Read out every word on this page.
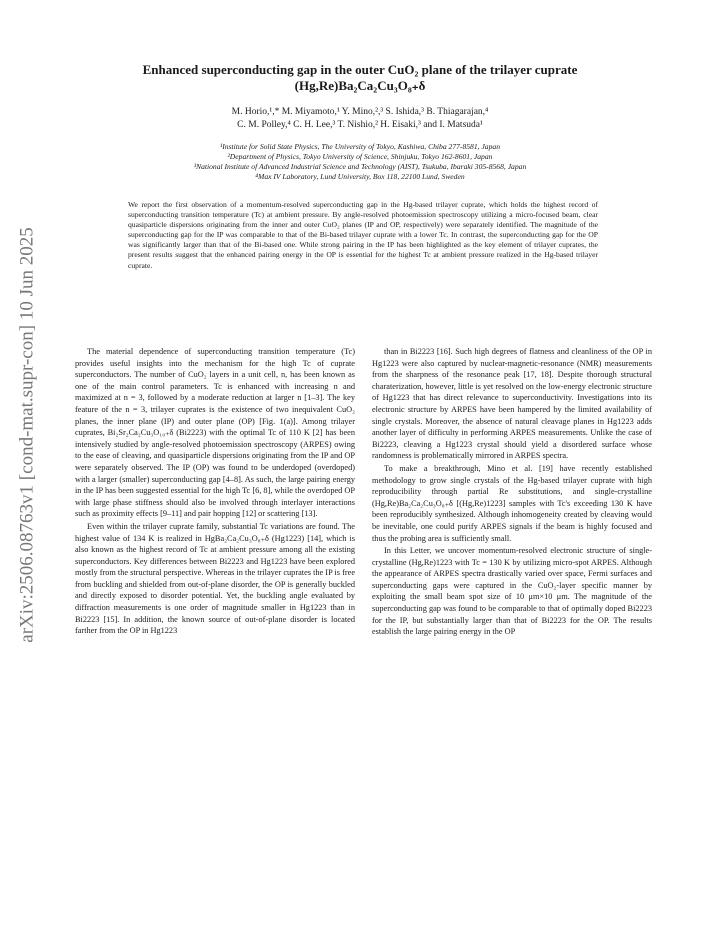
arXiv:2506.08763v1 [cond-mat.supr-con] 10 Jun 2025
Enhanced superconducting gap in the outer CuO₂ plane of the trilayer cuprate
(Hg,Re)Ba₂Ca₂Cu₃O₈₊δ
M. Horio,¹,* M. Miyamoto,¹ Y. Mino,²,³ S. Ishida,³ B. Thiagarajan,⁴
C. M. Polley,⁴ C. H. Lee,³ T. Nishio,² H. Eisaki,³ and I. Matsuda¹
¹Institute for Solid State Physics, The University of Tokyo, Kashiwa, Chiba 277-8581, Japan
²Department of Physics, Tokyo University of Science, Shinjuku, Tokyo 162-8601, Japan
³National Institute of Advanced Industrial Science and Technology (AIST), Tsukuba, Ibaraki 305-8568, Japan
⁴Max IV Laboratory, Lund University, Box 118, 22100 Lund, Sweden
We report the first observation of a momentum-resolved superconducting gap in the Hg-based trilayer cuprate, which holds the highest record of superconducting transition temperature (Tc) at ambient pressure. By angle-resolved photoemission spectroscopy utilizing a micro-focused beam, clear quasiparticle dispersions originating from the inner and outer CuO₂ planes (IP and OP, respectively) were separately identified. The magnitude of the superconducting gap for the IP was comparable to that of the Bi-based trilayer cuprate with a lower Tc. In contrast, the superconducting gap for the OP was significantly larger than that of the Bi-based one. While strong pairing in the IP has been highlighted as the key element of trilayer cuprates, the present results suggest that the enhanced pairing energy in the OP is essential for the highest Tc at ambient pressure realized in the Hg-based trilayer cuprate.

The material dependence of superconducting transition temperature (Tc) provides useful insights into the mechanism for the high Tc of cuprate superconductors. The number of CuO₂ layers in a unit cell, n, has been known as one of the main control parameters. Tc is enhanced with increasing n and maximized at n = 3, followed by a moderate reduction at larger n [1–3]. The key feature of the n = 3, trilayer cuprates is the existence of two inequivalent CuO₂ planes, the inner plane (IP) and outer plane (OP) [Fig. 1(a)]. Among trilayer cuprates, Bi₂Sr₂Ca₂Cu₃O₁₀₊δ (Bi2223) with the optimal Tc of 110 K [2] has been intensively studied by angle-resolved photoemission spectroscopy (ARPES) owing to the ease of cleaving, and quasiparticle dispersions originating from the IP and OP were separately observed. The IP (OP) was found to be underdoped (overdoped) with a larger (smaller) superconducting gap [4–8]. As such, the large pairing energy in the IP has been suggested essential for the high Tc [6, 8], while the overdoped OP with large phase stiffness should also be involved through interlayer interactions such as proximity effects [9–11] and pair hopping [12] or scattering [13].

Even within the trilayer cuprate family, substantial Tc variations are found. The highest value of 134 K is realized in HgBa₂Ca₂Cu₃O₈₊δ (Hg1223) [14], which is also known as the highest record of Tc at ambient pressure among all the existing superconductors. Key differences between Bi2223 and Hg1223 have been explored mostly from the structural perspective. Whereas in the trilayer cuprates the IP is free from buckling and shielded from out-of-plane disorder, the OP is generally buckled and directly exposed to disorder potential. Yet, the buckling angle evaluated by diffraction measurements is one order of magnitude smaller in Hg1223 than in Bi2223 [15]. In addition, the known source of out-of-plane disorder is located farther from the OP in Hg1223

than in Bi2223 [16]. Such high degrees of flatness and cleanliness of the OP in Hg1223 were also captured by nuclear-magnetic-resonance (NMR) measurements from the sharpness of the resonance peak [17, 18]. Despite thorough structural charaterization, however, little is yet resolved on the low-energy electronic structure of Hg1223 that has direct relevance to superconductivity. Investigations into its electronic structure by ARPES have been hampered by the limited availability of single crystals. Moreover, the absence of natural cleavage planes in Hg1223 adds another layer of difficulty in performing ARPES measurements. Unlike the case of Bi2223, cleaving a Hg1223 crystal should yield a disordered surface whose randomness is problematically mirrored in ARPES spectra.

To make a breakthrough, Mino et al. [19] have recently established methodology to grow single crystals of the Hg-based trilayer cuprate with high reproducibility through partial Re substitutions, and single-crystalline (Hg,Re)Ba₂Ca₂Cu₃O₈₊δ [(Hg,Re)1223] samples with Tc's exceeding 130 K have been reproducibly synthesized. Although inhomogeneity created by cleaving would be inevitable, one could purify ARPES signals if the beam is highly focused and thus the probing area is sufficiently small.

In this Letter, we uncover momentum-resolved electronic structure of single-crystalline (Hg,Re)1223 with Tc = 130 K by utilizing micro-spot ARPES. Although the appearance of ARPES spectra drastically varied over space, Fermi surfaces and superconducting gaps were captured in the CuO₂-layer specific manner by exploiting the small beam spot size of 10 μm×10 μm. The magnitude of the superconducting gap was found to be comparable to that of optimally doped Bi2223 for the IP, but substantially larger than that of Bi2223 for the OP. The results establish the large pairing energy in the OP
